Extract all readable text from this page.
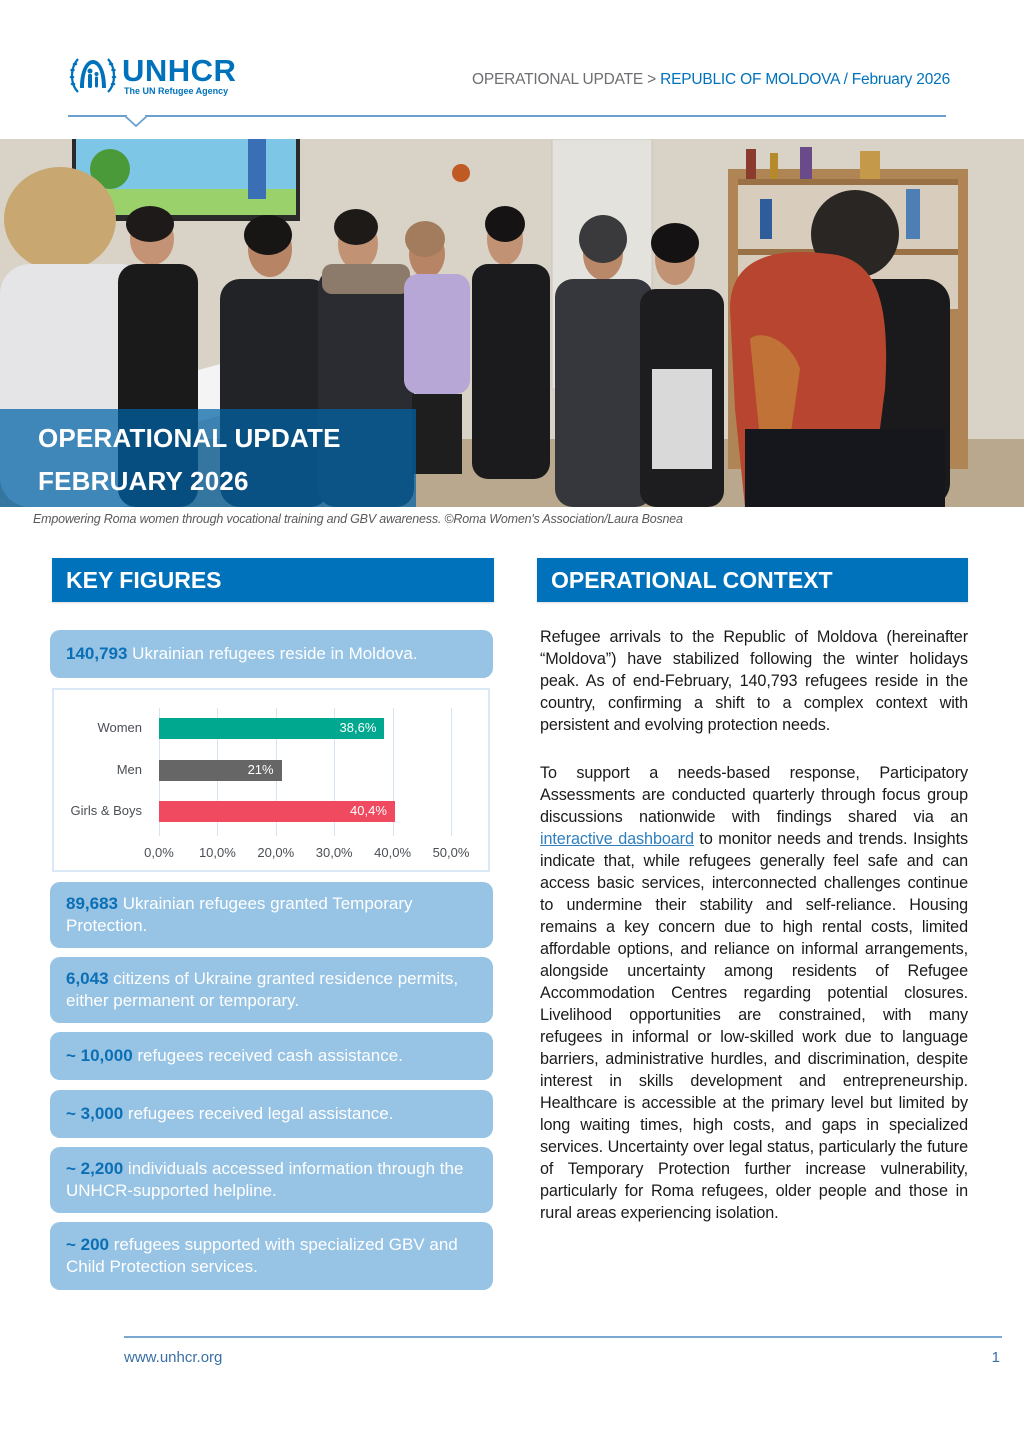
UNHCR
The UN Refugee Agency
OPERATIONAL UPDATE > REPUBLIC OF MOLDOVA / February 2026
OPERATIONAL UPDATE
FEBRUARY 2026
Empowering Roma women through vocational training and GBV awareness. ©Roma Women's Association/Laura Bosnea
KEY FIGURES
140,793 Ukrainian refugees reside in Moldova.
Women	38,6%
Men	21%
Girls & Boys	40,4%
0,0% 10,0% 20,0% 30,0% 40,0% 50,0%
89,683 Ukrainian refugees granted Temporary Protection.
6,043 citizens of Ukraine granted residence permits, either permanent or temporary.
~ 10,000 refugees received cash assistance.
~ 3,000 refugees received legal assistance.
~ 2,200 individuals accessed information through the UNHCR-supported helpline.
~ 200 refugees supported with specialized GBV and Child Protection services.
OPERATIONAL CONTEXT

Refugee arrivals to the Republic of Moldova (hereinafter “Moldova”) have stabilized following the winter holidays peak. As of end-February, 140,793 refugees reside in the country, confirming a shift to a complex context with persistent and evolving protection needs.

To support a needs-based response, Participatory Assessments are conducted quarterly through focus group discussions nationwide with findings shared via an interactive dashboard to monitor needs and trends. Insights indicate that, while refugees generally feel safe and can access basic services, interconnected challenges continue to undermine their stability and self-reliance. Housing remains a key concern due to high rental costs, limited affordable options, and reliance on informal arrangements, alongside uncertainty among residents of Refugee Accommodation Centres regarding potential closures. Livelihood opportunities are constrained, with many refugees in informal or low-skilled work due to language barriers, administrative hurdles, and discrimination, despite interest in skills development and entrepreneurship. Healthcare is accessible at the primary level but limited by long waiting times, high costs, and gaps in specialized services. Uncertainty over legal status, particularly the future of Temporary Protection further increase vulnerability, particularly for Roma refugees, older people and those in rural areas experiencing isolation.

www.unhcr.org	1
